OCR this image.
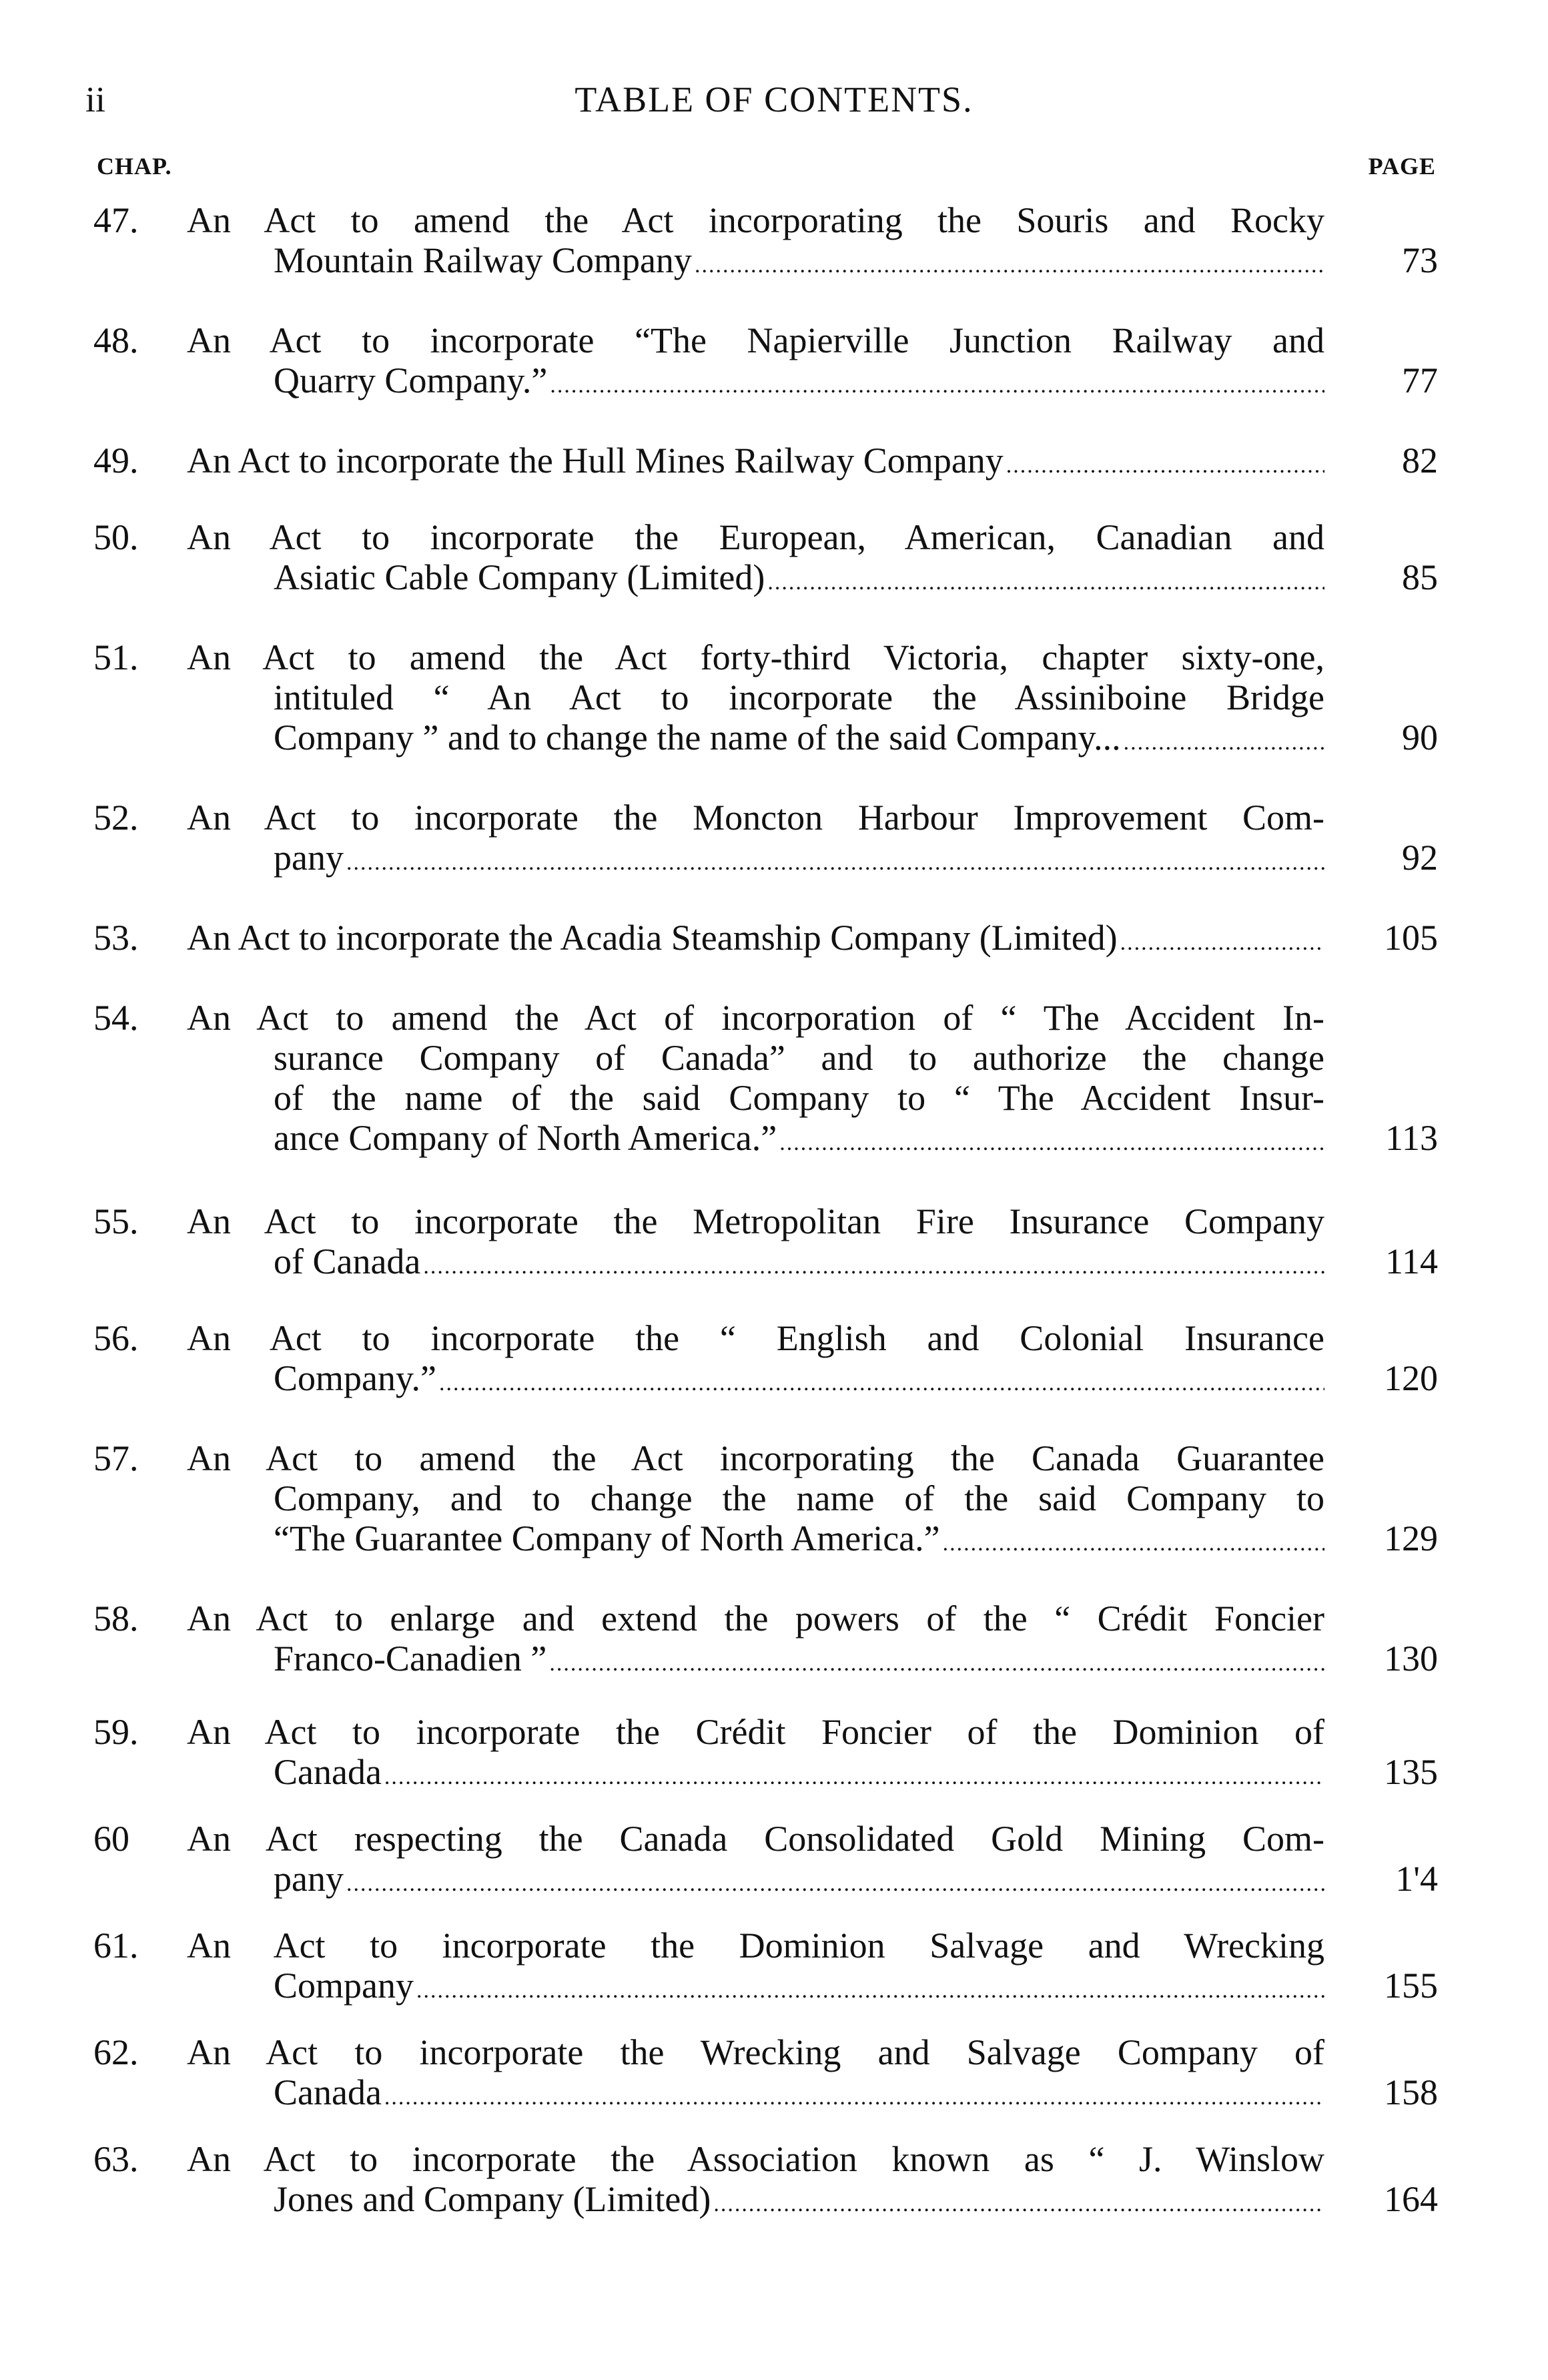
ii	TABLE OF CONTENTS.
CHAP.	PAGE
47.	An Act to amend the Act incorporating the Souris and Rocky
Mountain Railway Company .....	73
48.	An Act to incorporate “The Napierville Junction Railway and
Quarry Company.” .....	77
49.	An Act to incorporate the Hull Mines Railway Company .....	82
50.	An Act to incorporate the European, American, Canadian and
Asiatic Cable Company (Limited) .....	85
51.	An Act to amend the Act forty-third Victoria, chapter sixty-one,
intituled “ An Act to incorporate the Assiniboine Bridge
Company ” and to change the name of the said Company... .....	90
52.	An Act to incorporate the Moncton Harbour Improvement Com-
pany .....	92
53.	An Act to incorporate the Acadia Steamship Company (Limited) .....	105
54.	An Act to amend the Act of incorporation of “ The Accident In-
surance Company of Canada” and to authorize the change
of the name of the said Company to “ The Accident Insur-
ance Company of North America.” .....	113
55.	An Act to incorporate the Metropolitan Fire Insurance Company
of Canada .....	114
56.	An Act to incorporate the “ English and Colonial Insurance
Company.” .....	120
57.	An Act to amend the Act incorporating the Canada Guarantee
Company, and to change the name of the said Company to
“The Guarantee Company of North America.” .....	129
58.	An Act to enlarge and extend the powers of the “ Crédit Foncier
Franco-Canadien ” .....	130
59.	An Act to incorporate the Crédit Foncier of the Dominion of
Canada .....	135
60	An Act respecting the Canada Consolidated Gold Mining Com-
pany .....	1'4
61.	An Act to incorporate the Dominion Salvage and Wrecking
Company .....	155
62.	An Act to incorporate the Wrecking and Salvage Company of
Canada .....	158
63.	An Act to incorporate the Association known as “ J. Winslow
Jones and Company (Limited) .....	164
